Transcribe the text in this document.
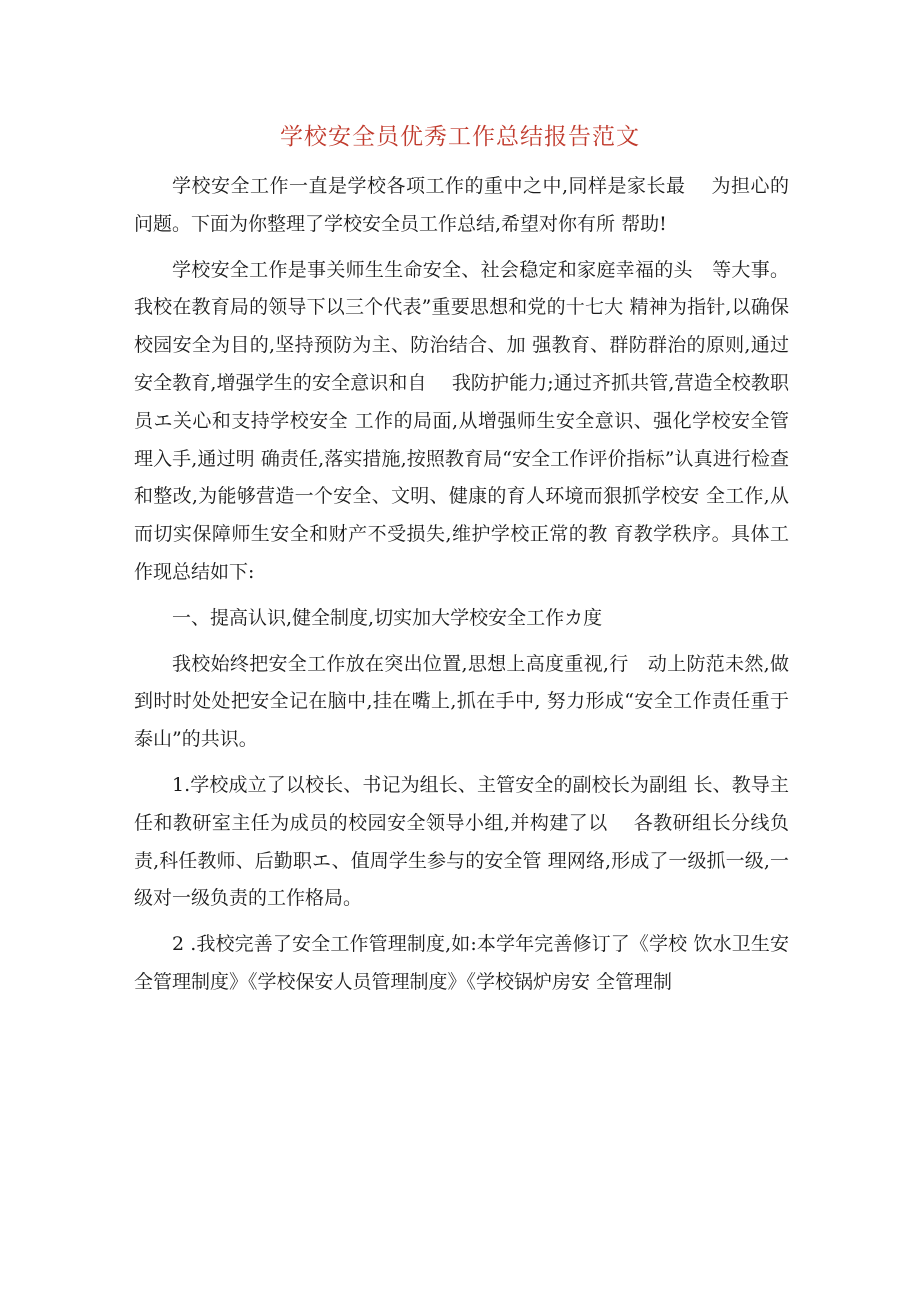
学校安全员优秀工作总结报告范文

学校安全工作一直是学校各项工作的重中之中,同样是家长最　 为担心的问题。下面为你整理了学校安全员工作总结,希望对你有所 帮助!

学校安全工作是事关师生生命安全、社会稳定和家庭幸福的头　等大事。我校在教育局的领导下以三个代表”重要思想和党的十七大 精神为指针,以确保校园安全为目的,坚持预防为主、防治结合、加 强教育、群防群治的原则,通过安全教育,增强学生的安全意识和自　 我防护能力;通过齐抓共管,营造全校教职员エ关心和支持学校安全 工作的局面,从增强师生安全意识、强化学校安全管理入手,通过明 确责任,落实措施,按照教育局“安全工作评价指标”认真进行检查 和整改,为能够营造一个安全、文明、健康的育人环境而狠抓学校安 全工作,从而切实保障师生安全和财产不受损失,维护学校正常的教 育教学秩序。具体工作现总结如下:

一、提高认识,健全制度,切实加大学校安全工作カ度

我校始终把安全工作放在突出位置,思想上高度重视,行　动上防范未然,做到时时处处把安全记在脑中,挂在嘴上,抓在手中, 努力形成“安全工作责任重于泰山”的共识。

1.学校成立了以校长、书记为组长、主管安全的副校长为副组 长、教导主任和教研室主任为成员的校园安全领导小组,并构建了以　 各教研组长分线负责,科任教师、后勤职エ、值周学生参与的安全管 理网络,形成了一级抓一级,一级对一级负责的工作格局。

2 .我校完善了安全工作管理制度,如:本学年完善修订了《学校 饮水卫生安全管理制度》《学校保安人员管理制度》《学校锅炉房安 全管理制
